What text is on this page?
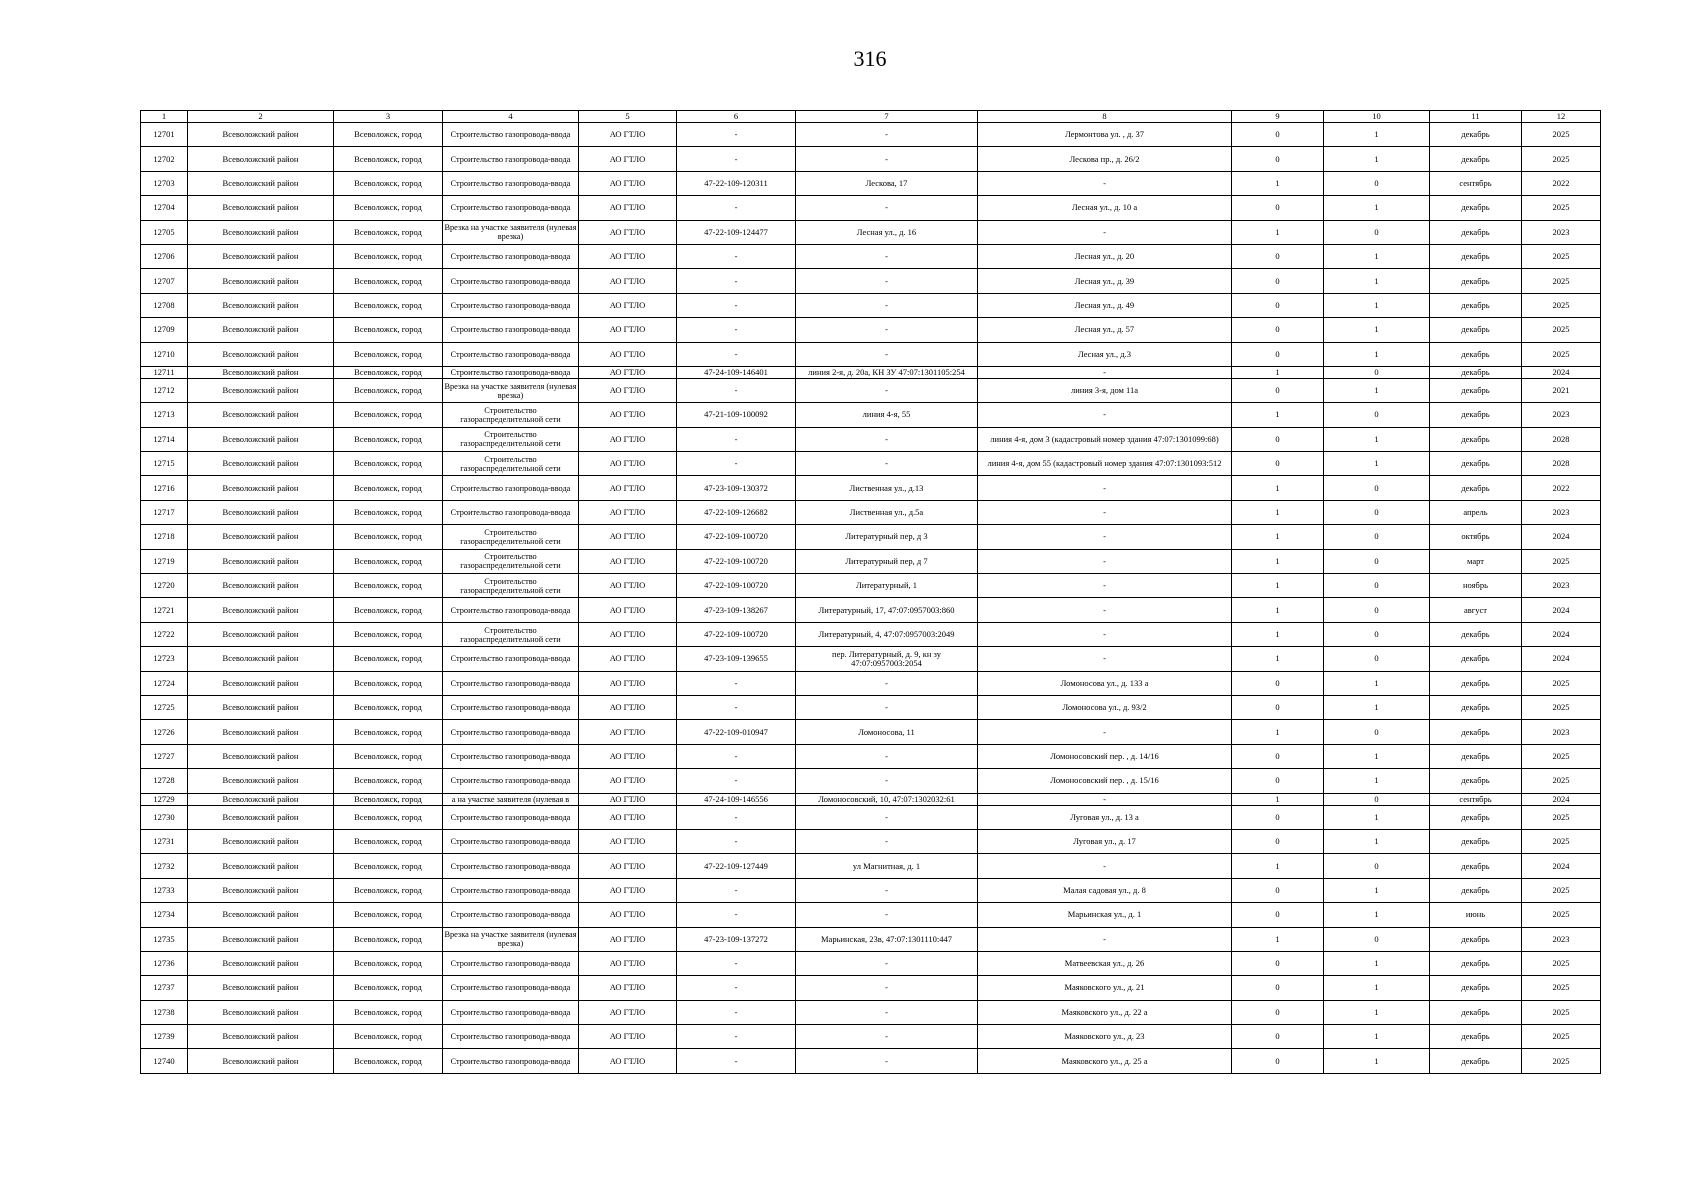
316
1	2	3	4	5	6	7	8	9	10	11	12
12701	Всеволожский район	Всеволожск, город	Строительство газопровода-ввода	АО ГТЛО	-	-	Лермонтова ул. , д. 37	0	1	декабрь	2025
12702	Всеволожский район	Всеволожск, город	Строительство газопровода-ввода	АО ГТЛО	-	-	Лескова пр., д. 26/2	0	1	декабрь	2025
12703	Всеволожский район	Всеволожск, город	Строительство газопровода-ввода	АО ГТЛО	47-22-109-120311	Лескова, 17	-	1	0	сентябрь	2022
12704	Всеволожский район	Всеволожск, город	Строительство газопровода-ввода	АО ГТЛО	-	-	Лесная ул., д. 10 а	0	1	декабрь	2025
12705	Всеволожский район	Всеволожск, город	Врезка на участке заявителя (нулевая врезка)	АО ГТЛО	47-22-109-124477	Лесная ул., д. 16	-	1	0	декабрь	2023
12706	Всеволожский район	Всеволожск, город	Строительство газопровода-ввода	АО ГТЛО	-	-	Лесная ул., д. 20	0	1	декабрь	2025
12707	Всеволожский район	Всеволожск, город	Строительство газопровода-ввода	АО ГТЛО	-	-	Лесная ул., д. 39	0	1	декабрь	2025
12708	Всеволожский район	Всеволожск, город	Строительство газопровода-ввода	АО ГТЛО	-	-	Лесная ул., д. 49	0	1	декабрь	2025
12709	Всеволожский район	Всеволожск, город	Строительство газопровода-ввода	АО ГТЛО	-	-	Лесная ул., д. 57	0	1	декабрь	2025
12710	Всеволожский район	Всеволожск, город	Строительство газопровода-ввода	АО ГТЛО	-	-	Лесная ул., д.3	0	1	декабрь	2025
12711	Всеволожский район	Всеволожск, город	Строительство газопровода-ввода	АО ГТЛО	47-24-109-146401	линия 2-я, д. 20а, КН ЗУ 47:07:1301105:254	-	1	0	декабрь	2024
12712	Всеволожский район	Всеволожск, город	Врезка на участке заявителя (нулевая врезка)	АО ГТЛО	-	-	линия 3-я, дом 11а	0	1	декабрь	2021
12713	Всеволожский район	Всеволожск, город	Строительство газораспределительной сети	АО ГТЛО	47-21-109-100092	линия 4-я, 55	-	1	0	декабрь	2023
12714	Всеволожский район	Всеволожск, город	Строительство газораспределительной сети	АО ГТЛО	-	-	линия 4-я, дом 3 (кадастровый номер здания 47:07:1301099:68)	0	1	декабрь	2028
12715	Всеволожский район	Всеволожск, город	Строительство газораспределительной сети	АО ГТЛО	-	-	линия 4-я, дом 55 (кадастровый номер здания 47:07:1301093:512	0	1	декабрь	2028
12716	Всеволожский район	Всеволожск, город	Строительство газопровода-ввода	АО ГТЛО	47-23-109-130372	Лиственная ул., д.13	-	1	0	декабрь	2022
12717	Всеволожский район	Всеволожск, город	Строительство газопровода-ввода	АО ГТЛО	47-22-109-126682	Лиственная ул., д.5а	-	1	0	апрель	2023
12718	Всеволожский район	Всеволожск, город	Строительство газораспределительной сети	АО ГТЛО	47-22-109-100720	Литературный пер, д 3	-	1	0	октябрь	2024
12719	Всеволожский район	Всеволожск, город	Строительство газораспределительной сети	АО ГТЛО	47-22-109-100720	Литературный пер, д 7	-	1	0	март	2025
12720	Всеволожский район	Всеволожск, город	Строительство газораспределительной сети	АО ГТЛО	47-22-109-100720	Литературный, 1	-	1	0	ноябрь	2023
12721	Всеволожский район	Всеволожск, город	Строительство газопровода-ввода	АО ГТЛО	47-23-109-138267	Литературный, 17, 47:07:0957003:860	-	1	0	август	2024
12722	Всеволожский район	Всеволожск, город	Строительство газораспределительной сети	АО ГТЛО	47-22-109-100720	Литературный, 4, 47:07:0957003:2049	-	1	0	декабрь	2024
12723	Всеволожский район	Всеволожск, город	Строительство газопровода-ввода	АО ГТЛО	47-23-109-139655	пер. Литературный, д. 9, кн зу 47:07:0957003:2054	-	1	0	декабрь	2024
12724	Всеволожский район	Всеволожск, город	Строительство газопровода-ввода	АО ГТЛО	-	-	Ломоносова ул., д. 133 а	0	1	декабрь	2025
12725	Всеволожский район	Всеволожск, город	Строительство газопровода-ввода	АО ГТЛО	-	-	Ломоносова ул., д. 93/2	0	1	декабрь	2025
12726	Всеволожский район	Всеволожск, город	Строительство газопровода-ввода	АО ГТЛО	47-22-109-010947	Ломоносова, 11	-	1	0	декабрь	2023
12727	Всеволожский район	Всеволожск, город	Строительство газопровода-ввода	АО ГТЛО	-	-	Ломоносовский пер. , д. 14/16	0	1	декабрь	2025
12728	Всеволожский район	Всеволожск, город	Строительство газопровода-ввода	АО ГТЛО	-	-	Ломоносовский пер. , д. 15/16	0	1	декабрь	2025
12729	Всеволожский район	Всеволожск, город	а на участке заявителя (нулевая в	АО ГТЛО	47-24-109-146556	Ломоносовский, 10, 47:07:1302032:61	-	1	0	сентябрь	2024
12730	Всеволожский район	Всеволожск, город	Строительство газопровода-ввода	АО ГТЛО	-	-	Луговая ул., д. 13 а	0	1	декабрь	2025
12731	Всеволожский район	Всеволожск, город	Строительство газопровода-ввода	АО ГТЛО	-	-	Луговая ул., д. 17	0	1	декабрь	2025
12732	Всеволожский район	Всеволожск, город	Строительство газопровода-ввода	АО ГТЛО	47-22-109-127449	ул Магнитная, д. 1	-	1	0	декабрь	2024
12733	Всеволожский район	Всеволожск, город	Строительство газопровода-ввода	АО ГТЛО	-	-	Малая садовая ул., д. 8	0	1	декабрь	2025
12734	Всеволожский район	Всеволожск, город	Строительство газопровода-ввода	АО ГТЛО	-	-	Марьинская ул., д. 1	0	1	июнь	2025
12735	Всеволожский район	Всеволожск, город	Врезка на участке заявителя (нулевая врезка)	АО ГТЛО	47-23-109-137272	Марьинская, 23в, 47:07:1301110:447	-	1	0	декабрь	2023
12736	Всеволожский район	Всеволожск, город	Строительство газопровода-ввода	АО ГТЛО	-	-	Матвеевская ул., д. 26	0	1	декабрь	2025
12737	Всеволожский район	Всеволожск, город	Строительство газопровода-ввода	АО ГТЛО	-	-	Маяковского ул., д. 21	0	1	декабрь	2025
12738	Всеволожский район	Всеволожск, город	Строительство газопровода-ввода	АО ГТЛО	-	-	Маяковского ул., д. 22 а	0	1	декабрь	2025
12739	Всеволожский район	Всеволожск, город	Строительство газопровода-ввода	АО ГТЛО	-	-	Маяковского ул., д. 23	0	1	декабрь	2025
12740	Всеволожский район	Всеволожск, город	Строительство газопровода-ввода	АО ГТЛО	-	-	Маяковского ул., д. 25 а	0	1	декабрь	2025
